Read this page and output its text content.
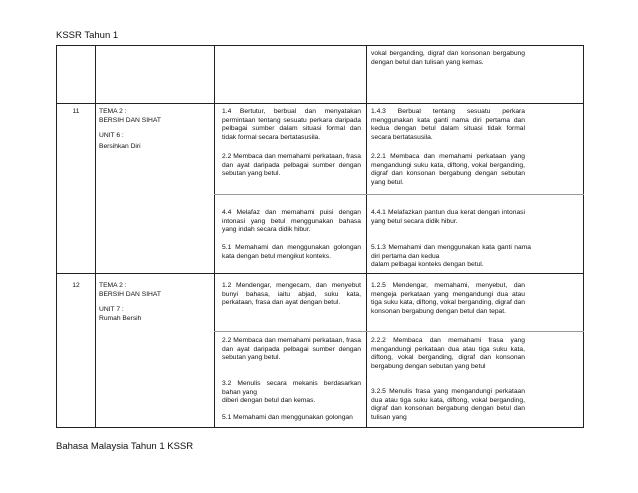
KSSR Tahun 1
vokal berganding, digraf dan konsonan bergabung dengan betul dan tulisan yang kemas.
11	TEMA 2 :
BERSIH DAN SIHAT
UNIT 6 :
Bersihkan Diri
1.4 Bertutur, berbual dan menyatakan permintaan tentang sesuatu perkara daripada pelbagai sumber dalam situasi formal dan tidak formal secara bertatasusila.
2.2 Membaca dan memahami perkataan, frasa dan ayat daripada pelbagai sumber dengan sebutan yang betul.
4.4 Melafaz dan memahami puisi dengan intonasi yang betul menggunakan bahasa yang indah secara didik hibur.
5.1 Memahami dan menggunakan golongan kata dengan betul mengikut konteks.
1.4.3 Berbual tentang sesuatu perkara menggunakan kata ganti nama diri pertama dan kedua dengan betul dalam situasi tidak formal secara bertatasusila.
2.2.1 Membaca dan memahami perkataan yang mengandungi suku kata, diftong, vokal berganding, digraf dan konsonan bergabung dengan sebutan yang betul.
4.4.1 Melafazkan pantun dua kerat dengan intonasi yang betul secara didik hibur.
5.1.3 Memahami dan menggunakan kata ganti nama diri pertama dan kedua
dalam pelbagai konteks dengan betul.
12	TEMA 2 :
BERSIH DAN SIHAT
UNIT 7 :
Rumah Bersih
1.2 Mendengar, mengecam, dan menyebut bunyi bahasa, iaitu abjad, suku kata, perkataan, frasa dan ayat dengan betul.
2.2 Membaca dan memahami perkataan, frasa dan ayat daripada pelbagai sumber dengan sebutan yang betul.
3.2 Menulis secara mekanis berdasarkan bahan yang
diberi dengan betul dan kemas.
5.1 Memahami dan menggunakan golongan
1.2.5 Mendengar, memahami, menyebut, dan mengeja perkataan yang mengandungi dua atau tiga suku kata, diftong, vokal berganding, digraf dan konsonan bergabung dengan betul dan tepat.
2.2.2 Membaca dan memahami frasa yang mengandungi perkataan dua atau tiga suku kata, diftong, vokal berganding, digraf dan konsonan bergabung dengan sebutan yang betul
3.2.5 Menulis frasa yang mengandungi perkataan dua atau tiga suku kata, diftong, vokal berganding, digraf dan konsonan bergabung dengan betul dan tulisan yang
Bahasa Malaysia Tahun 1 KSSR
